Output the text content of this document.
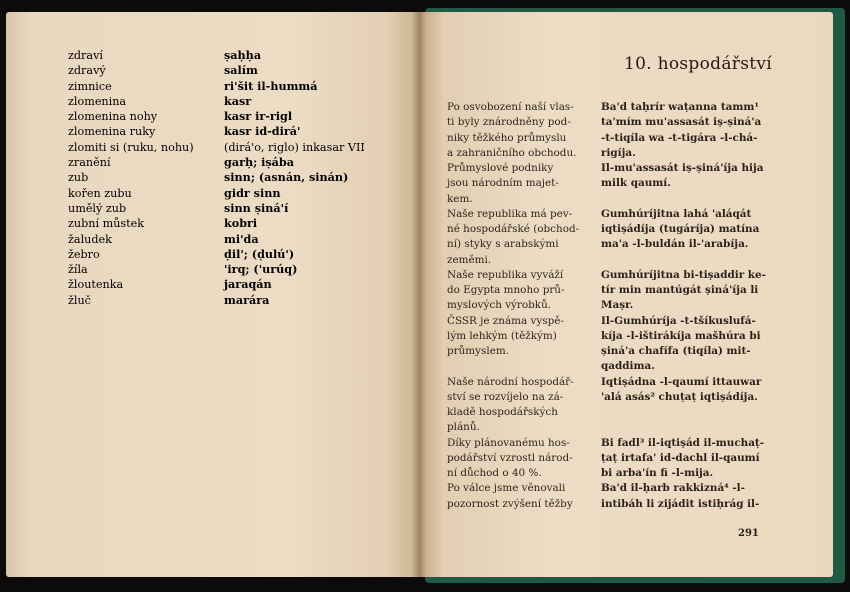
zdraví	ṣaḥḥa
zdravý	salím
zimnice	ri'šit il-hummá
zlomenina	kasr
zlomenina nohy	kasr ir-rigl
zlomenina ruky	kasr id-dirá'
zlomiti si (ruku, nohu)	(dirá'o, riglo) inkasar VII
zranění	garḥ; iṣába
zub	sinn; (asnán, sinán)
kořen zubu	gidr sinn
umělý zub	sinn ṣiná'í
zubní můstek	kobri
žaludek	mi'da
žebro	ḍil'; (ḍulú')
žíla	'irq; ('urúq)
žloutenka	jaraqán
žluč	marára
10. hospodářství
Po osvobození naší vlas-
ti byly znárodněny pod-
niky těžkého průmyslu
a zahraničního obchodu.
Průmyslové podniky
jsou národním majet-
kem.
Naše republika má pev-
né hospodářské (obchod-
ní) styky s arabskými
zeměmi.
Naše republika vyváží
do Egypta mnoho prů-
myslových výrobků.
ČSSR je známa vyspě-
lým lehkým (těžkým)
průmyslem.
Naše národní hospodář-
ství se rozvíjelo na zá-
kladě hospodářských
plánů.
Díky plánovanému hos-
podářství vzrostl národ-
ní důchod o 40 %.
Po válce jsme věnovali
pozornost zvýšení těžby
Ba'd taḥrír waṭanna tamm¹
ta'mím mu'assasát iṣ-ṣiná'a
-t-tiqíla wa -t-tigára -l-chá-
rigíja.
Il-mu'assasát iṣ-ṣiná'íja hija
milk qaumí.
Gumhúríjitna lahá 'aláqát
iqtiṣádíja (tugáríja) matína
ma'a -l-buldán il-'arabíja.
Gumhúríjitna bi-tiṣaddir ke-
tír min mantúgát ṣiná'íja li
Maṣr.
Il-Gumhúríja -t-tšíkuslufá-
kíja -l-ištirákíja mašhúra bi
ṣiná'a chafífa (tiqíla) mit-
qaddima.
Iqtiṣádna -l-qaumí ittauwar
'alá asás² chuṭaṭ iqtiṣádíja.
Bi fadl³ il-iqtiṣád il-muchaṭ-
ṭaṭ irtafa' id-dachl il-qaumí
bi arba'ín fi -l-mija.
Ba'd il-ḥarb rakkizná⁴ -l-
intibáh li zijádit istiḥrág il-
291
